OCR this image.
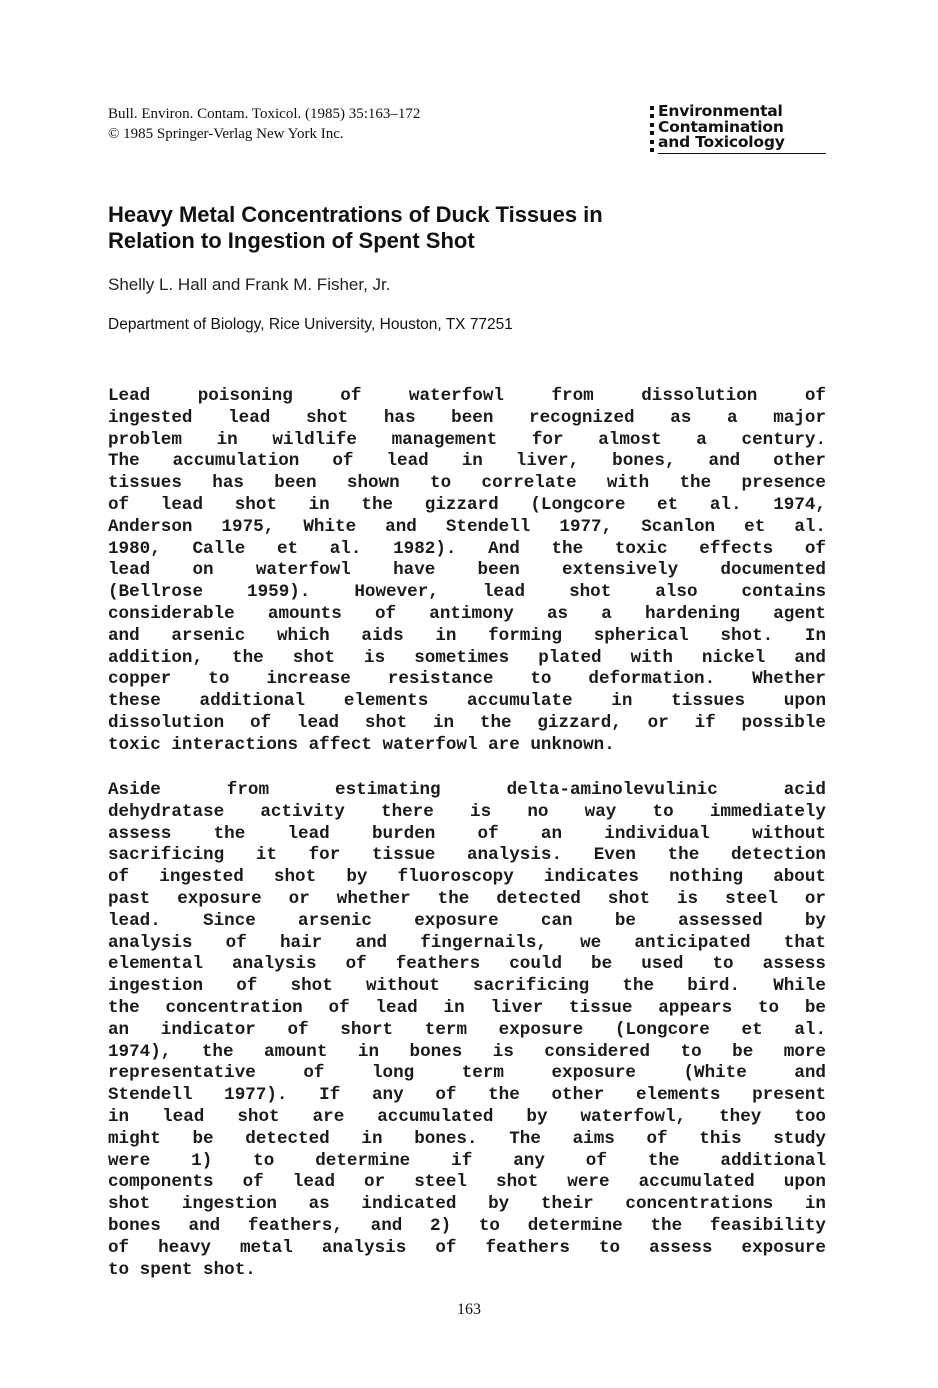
Bull. Environ. Contam. Toxicol. (1985) 35:163–172
© 1985 Springer-Verlag New York Inc.
Environmental
Contamination
and Toxicology
Heavy Metal Concentrations of Duck Tissues in
Relation to Ingestion of Spent Shot
Shelly L. Hall and Frank M. Fisher, Jr.
Department of Biology, Rice University, Houston, TX 77251
Lead poisoning of waterfowl from dissolution of
ingested lead shot has been recognized as a major
problem in wildlife management for almost a century.
The accumulation of lead in liver, bones, and other
tissues has been shown to correlate with the presence
of lead shot in the gizzard (Longcore et al. 1974,
Anderson 1975, White and Stendell 1977, Scanlon et al.
1980, Calle et al. 1982). And the toxic effects of
lead on waterfowl have been extensively documented
(Bellrose 1959). However, lead shot also contains
considerable amounts of antimony as a hardening agent
and arsenic which aids in forming spherical shot. In
addition, the shot is sometimes plated with nickel and
copper to increase resistance to deformation. Whether
these additional elements accumulate in tissues upon
dissolution of lead shot in the gizzard, or if possible
toxic interactions affect waterfowl are unknown.
Aside from estimating delta-aminolevulinic acid
dehydratase activity there is no way to immediately
assess the lead burden of an individual without
sacrificing it for tissue analysis. Even the detection
of ingested shot by fluoroscopy indicates nothing about
past exposure or whether the detected shot is steel or
lead. Since arsenic exposure can be assessed by
analysis of hair and fingernails, we anticipated that
elemental analysis of feathers could be used to assess
ingestion of shot without sacrificing the bird. While
the concentration of lead in liver tissue appears to be
an indicator of short term exposure (Longcore et al.
1974), the amount in bones is considered to be more
representative of long term exposure (White and
Stendell 1977). If any of the other elements present
in lead shot are accumulated by waterfowl, they too
might be detected in bones. The aims of this study
were 1) to determine if any of the additional
components of lead or steel shot were accumulated upon
shot ingestion as indicated by their concentrations in
bones and feathers, and 2) to determine the feasibility
of heavy metal analysis of feathers to assess exposure
to spent shot.
163
